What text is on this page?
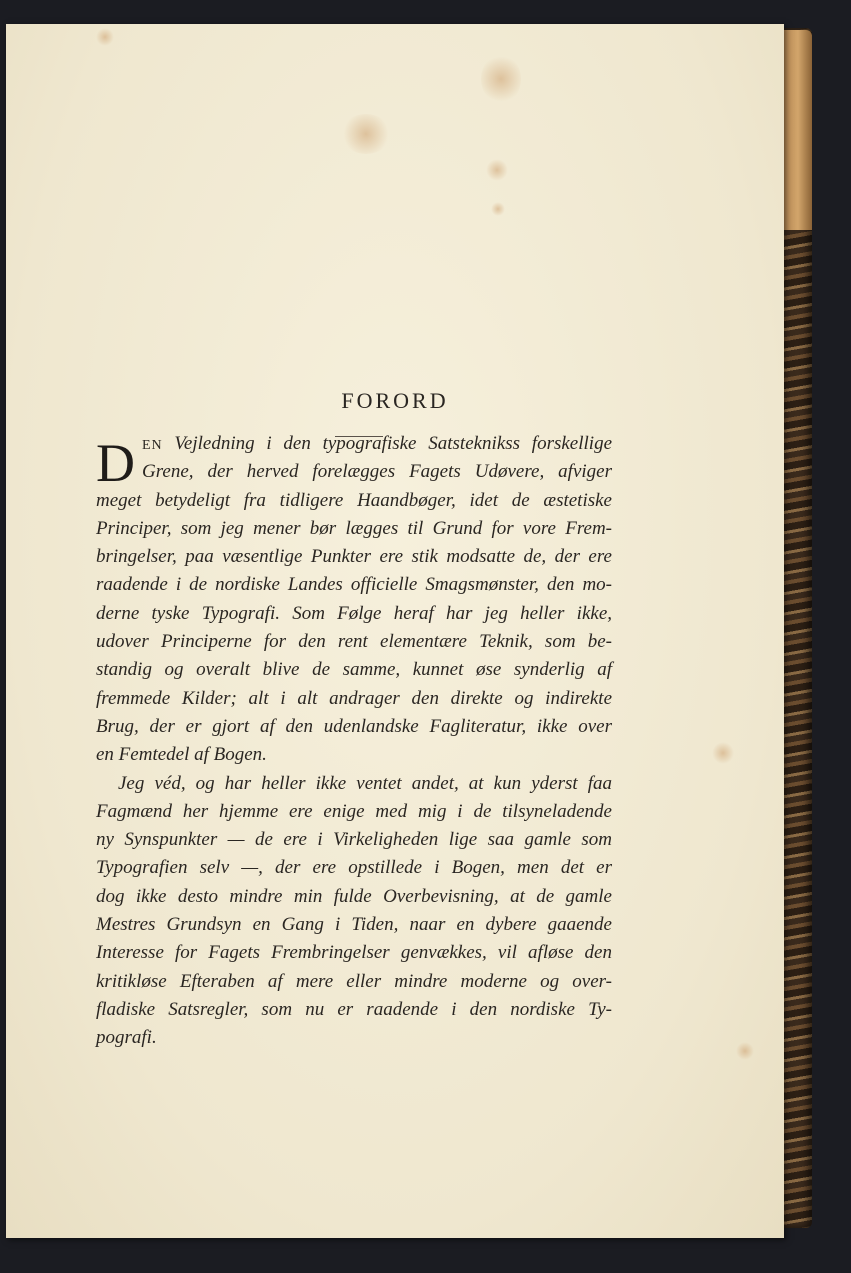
FORORD
D EN Vejledning i den typografiske Satsteknikss forskellige
Grene, der herved forelægges Fagets Udøvere, afviger
meget betydeligt fra tidligere Haandbøger, idet de æstetiske
Principer, som jeg mener bør lægges til Grund for vore Frem-
bringelser, paa væsentlige Punkter ere stik modsatte de, der ere
raadende i de nordiske Landes officielle Smagsmønster, den mo-
derne tyske Typografi. Som Følge heraf har jeg heller ikke,
udover Principerne for den rent elementære Teknik, som be-
standig og overalt blive de samme, kunnet øse synderlig af
fremmede Kilder; alt i alt andrager den direkte og indirekte
Brug, der er gjort af den udenlandske Fagliteratur, ikke over
en Femtedel af Bogen.
Jeg véd, og har heller ikke ventet andet, at kun yderst faa
Fagmænd her hjemme ere enige med mig i de tilsyneladende
ny Synspunkter — de ere i Virkeligheden lige saa gamle som
Typografien selv —, der ere opstillede i Bogen, men det er
dog ikke desto mindre min fulde Overbevisning, at de gamle
Mestres Grundsyn en Gang i Tiden, naar en dybere gaaende
Interesse for Fagets Frembringelser genvækkes, vil afløse den
kritikløse Efteraben af mere eller mindre moderne og over-
fladiske Satsregler, som nu er raadende i den nordiske Ty-
pografi.
